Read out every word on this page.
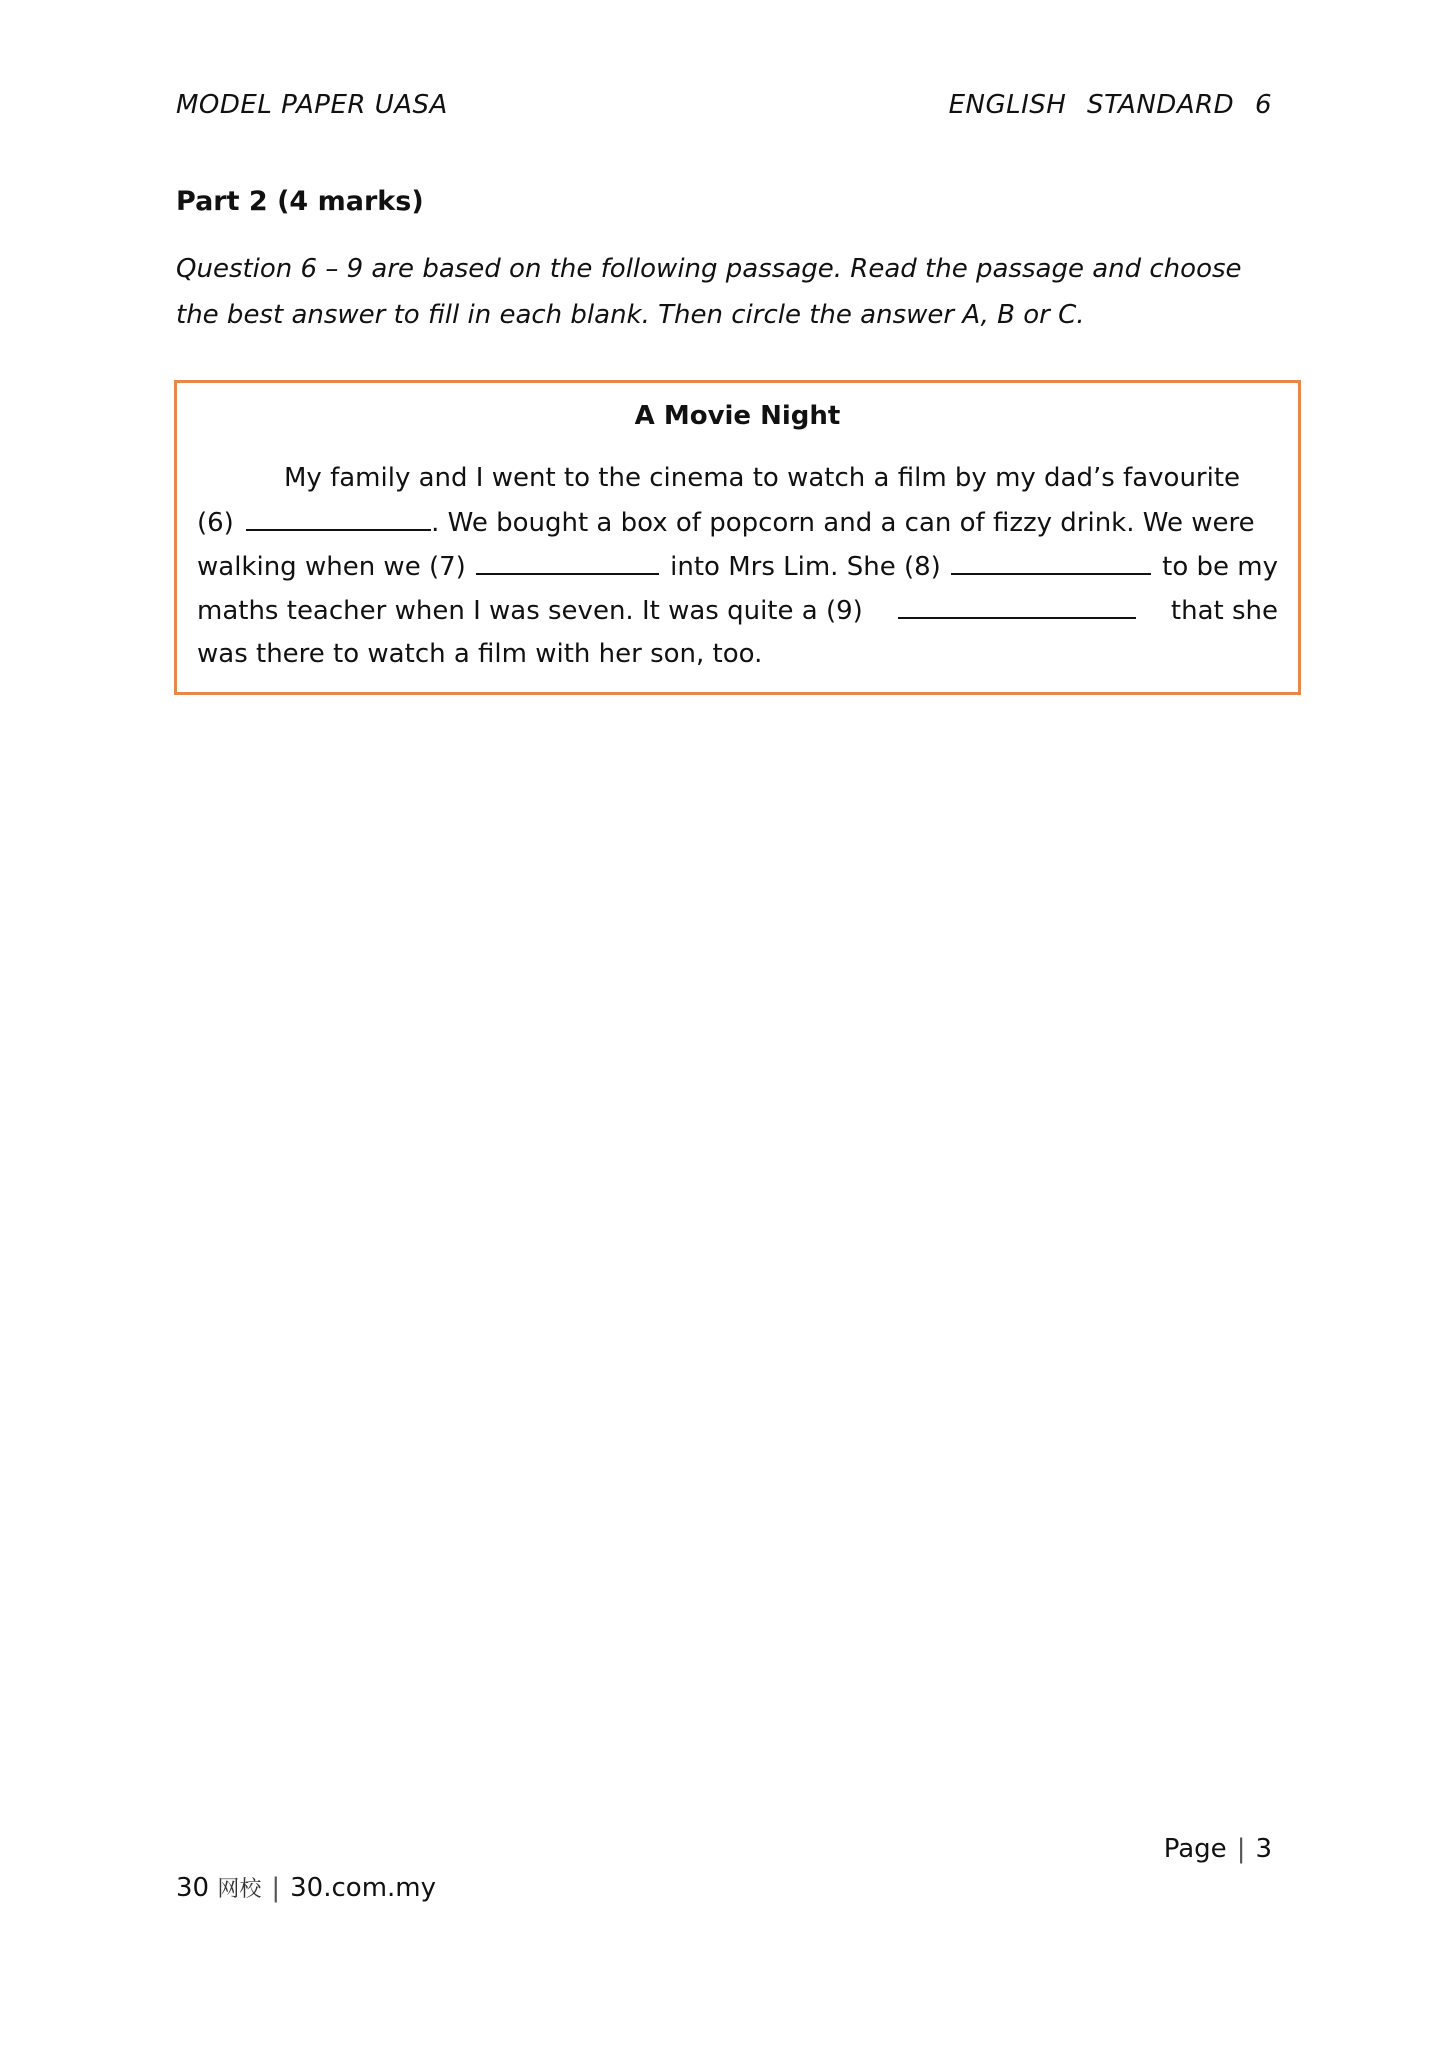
MODEL PAPER UASA	ENGLISH STANDARD 6
Part 2 (4 marks)
Question 6 – 9 are based on the following passage. Read the passage and choose
the best answer to fill in each blank. Then circle the answer A, B or C.
A Movie Night
My family and I went to the cinema to watch a film by my dad’s favourite
(6)	. We bought a box of popcorn and a can of fizzy drink. We were
walking when we (7)	into Mrs Lim. She (8)	to be my
maths teacher when I was seven. It was quite a (9)	that she
was there to watch a film with her son, too.
Page | 3
30 网校 | 30.com.my
